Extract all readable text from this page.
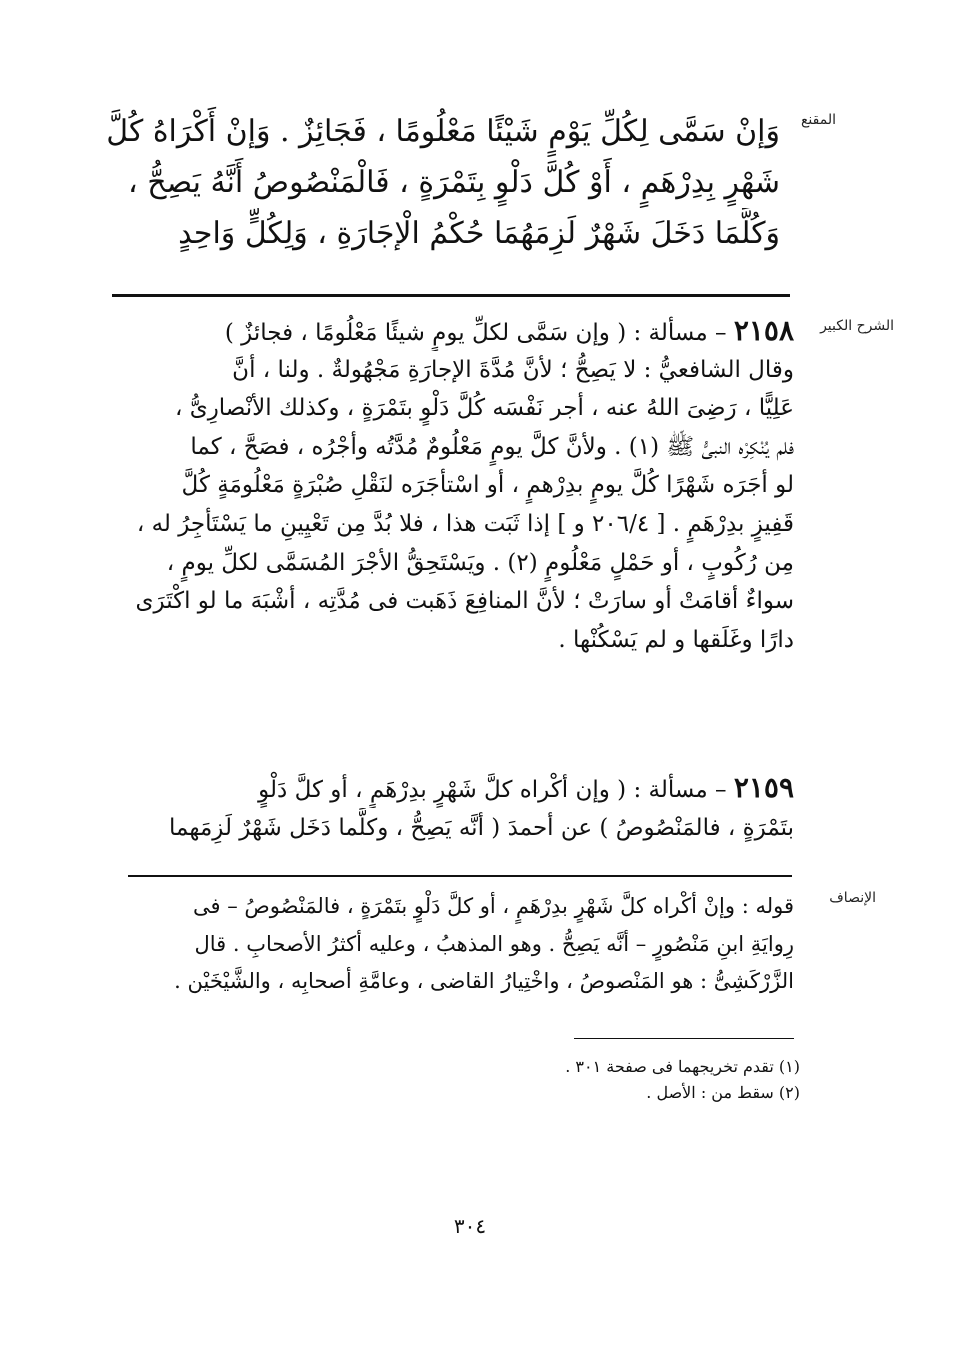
المقنع
وَإنْ سَمَّى لِكُلِّ يَوْمٍ شَيْئًا مَعْلُومًا ، فَجَائِزٌ . وَإنْ أَكْرَاهُ كُلَّ
شَهْرٍ بِدِرْهَمٍ ، أَوْ كُلَّ دَلْوٍ بِتَمْرَةٍ ، فَالْمَنْصُوصُ أَنَّهُ يَصِحُّ ،
وَكُلَّمَا دَخَلَ شَهْرٌ لَزِمَهُمَا حُكْمُ الْإجَارَةِ ، وَلِكُلٍّ وَاحِدٍ
الشرح الكبير
٢١٥٨ – مسألة : ( وإن سَمَّى لكلِّ يومٍ شيئًا مَعْلُومًا ، فجائزٌ )
وقال الشافعيُّ : لا يَصِحُّ ؛ لأنَّ مُدَّةَ الإجارَةِ مَجْهُولةٌ . ولنا ، أنَّ
عَلِيًّا ، رَضِىَ اللهُ عنه ، أجر نَفْسَه كُلَّ دَلْوٍ بتَمْرَةٍ ، وكذلك الأنْصارِىُّ ،
فلم يُنْكِرْه النبىُّ ﷺ (١) . ولأنَّ كلَّ يومٍ مَعْلُومٌ مُدَّتُه وأجْرُه ، فصَحَّ ، كما
لو أجَرَه شَهْرًا كُلَّ يومٍ بدِرْهمٍ ، أو اسْتأجَرَه لنَقْلِ صُبْرَةٍ مَعْلُومَةٍ كُلَّ
قَفِيزٍ بدِرْهَمٍ . [ ٢٠٦/٤ و ] إذا ثَبَت هذا ، فلا بُدَّ مِن تَعْيِينِ ما يَسْتَأجِرُ له ،
مِن رُكُوبٍ ، أو حَمْلٍ مَعْلُومٍ (٢) . ويَسْتَحِقُّ الأجْرَ المُسَمَّى لكلِّ يومٍ ،
سواءٌ أقامَتْ أو سارَتْ ؛ لأنَّ المنافِعَ ذَهَبت فى مُدَّتِه ، أشْبَهَ ما لو اكْتَرَى
دارًا وغَلَقها و لم يَسْكُنْها .
٢١٥٩ – مسألة : ( وإن أكْراه كلَّ شَهْرٍ بدِرْهَمٍ ، أو كلَّ دَلْوٍ
بتَمْرَةٍ ، فالمَنْصُوصُ ) عن أحمدَ ( أنَّه يَصِحُّ ، وكلَّما دَخَل شَهْرٌ لَزِمَهما
الإنصاف
قوله : وإنْ أكْراه كلَّ شَهْرٍ بدِرْهَمٍ ، أو كلَّ دَلْوٍ بتَمْرَةٍ ، فالمَنْصُوصُ – فى
رِوايَةِ ابنِ مَنْصُورٍ – أنَّه يَصِحُّ . وهو المذهبُ ، وعليه أكثرُ الأصحابِ . قال
الزَّرْكَشِىُّ : هو المَنْصوصُ ، واخْتِيارُ القاضى ، وعامَّةِ أصحابِه ، والشَّيْخَيْن .
(١) تقدم تخريجهما فى صفحة ٣٠١ .
(٢) سقط من : الأصل .
٣٠٤
